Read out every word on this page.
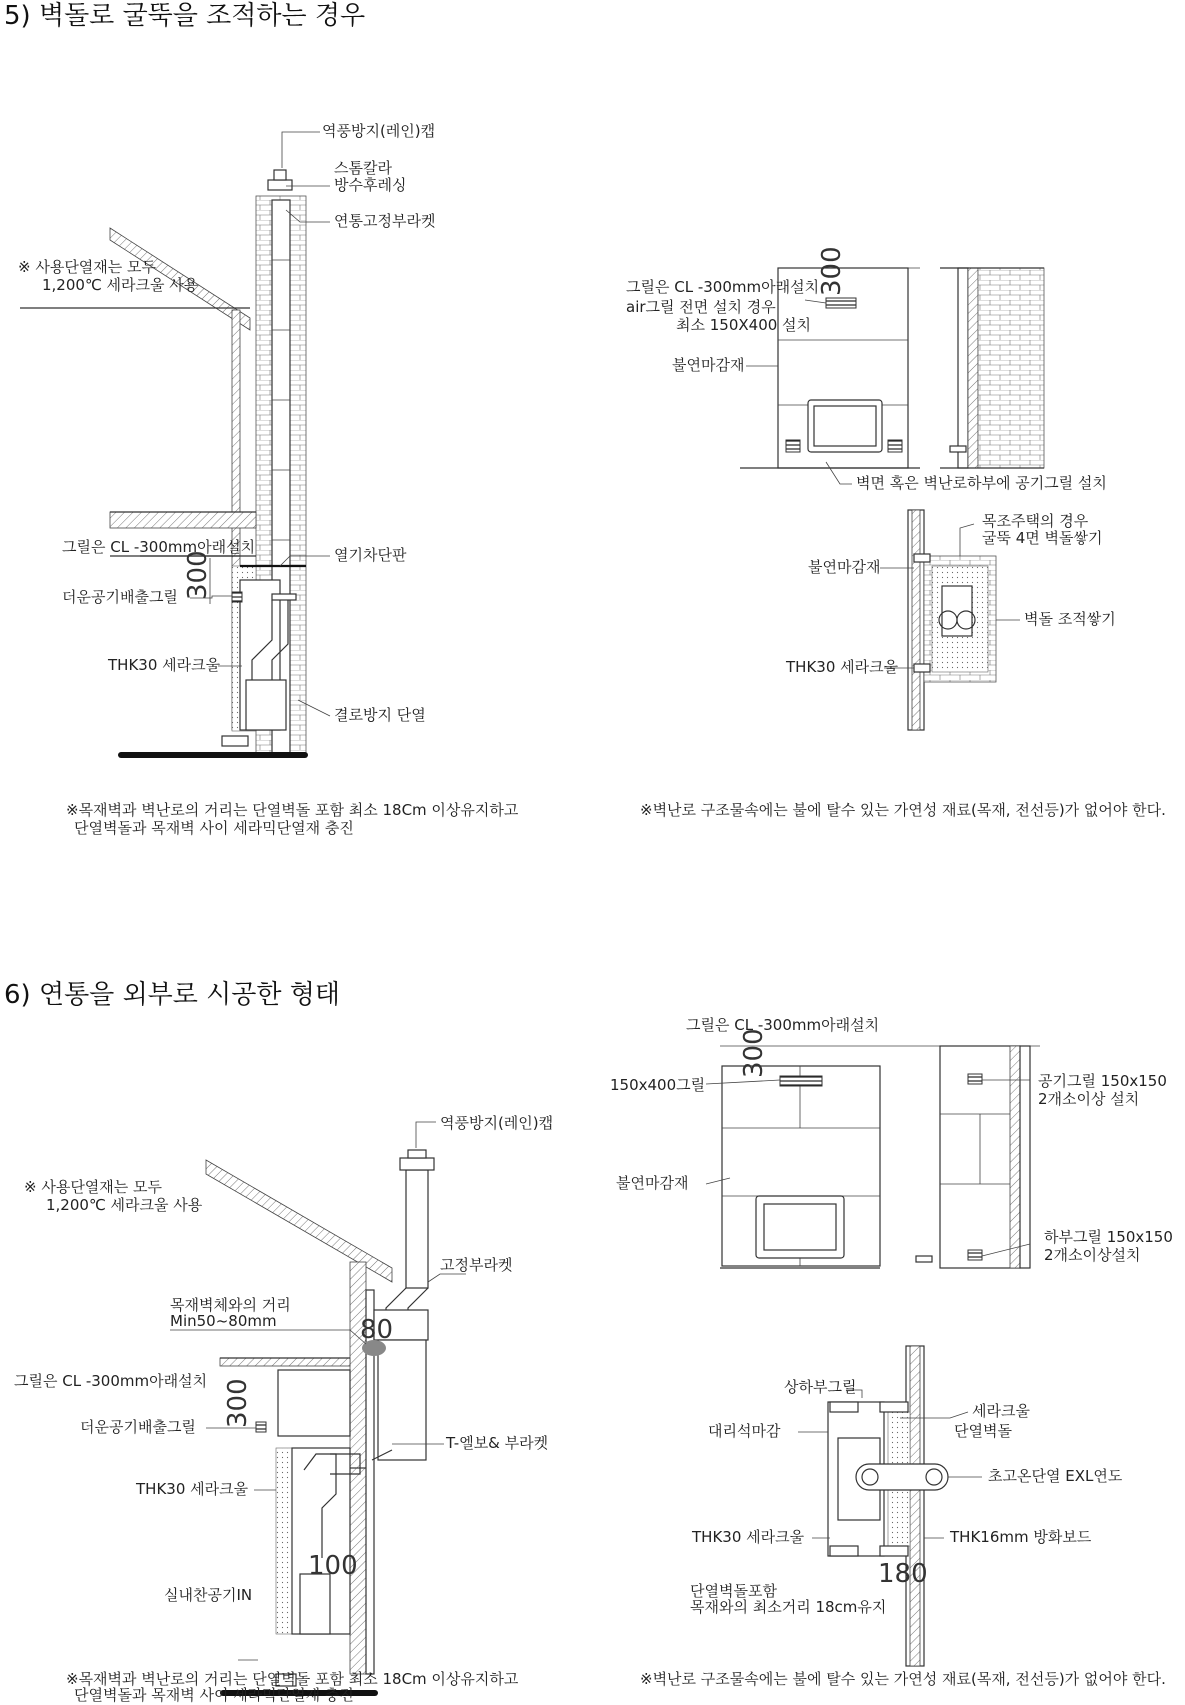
5) 벽돌로 굴뚝을 조적하는 경우
※ 사용단열재는 모두
1,200℃ 세라크울 사용
역풍방지(레인)캡
스톰칼라
방수후레싱
연통고정부라켓
그릴은 CL -300mm아래설치
300
더운공기배출그릴
THK30 세라크울
열기차단판
결로방지 단열
※목재벽과 벽난로의 거리는 단열벽돌 포함 최소 18Cm 이상유지하고
단열벽돌과 목재벽 사이 세라믹단열재 충진
300
그릴은 CL -300mm아래설치
air그릴 전면 설치 경우
최소 150X400 설치
불연마감재
벽면 혹은 벽난로하부에 공기그릴 설치
목조주택의 경우
굴뚝 4면 벽돌쌓기
불연마감재
벽돌 조적쌓기
THK30 세라크울
※벽난로 구조물속에는 불에 탈수 있는 가연성 재료(목재, 전선등)가 없어야 한다.
6) 연통을 외부로 시공한 형태
역풍방지(레인)캡
※ 사용단열재는 모두
1,200℃ 세라크울 사용
고정부라켓
목재벽체와의 거리
Min50~80mm	80
그릴은 CL -300mm아래설치 300
더운공기배출그릴
T-엘보& 부라켓
THK30 세라크울
100
실내찬공기IN
※목재벽과 벽난로의 거리는 단열벽돌 포함 최소 18Cm 이상유지하고
단열벽돌과 목재벽 사이 세라믹단열재 충진
300
그릴은 CL -300mm아래설치
150x400그릴	공기그릴 150x150
2개소이상 설치
불연마감재
하부그릴 150x150
2개소이상설치
상하부그릴
세라크울
단열벽돌
대리석마감
초고온단열 EXL연도
THK30 세라크울	THK16mm 방화보드
180
단열벽돌포함
목재와의 최소거리 18cm유지
※벽난로 구조물속에는 불에 탈수 있는 가연성 재료(목재, 전선등)가 없어야 한다.
